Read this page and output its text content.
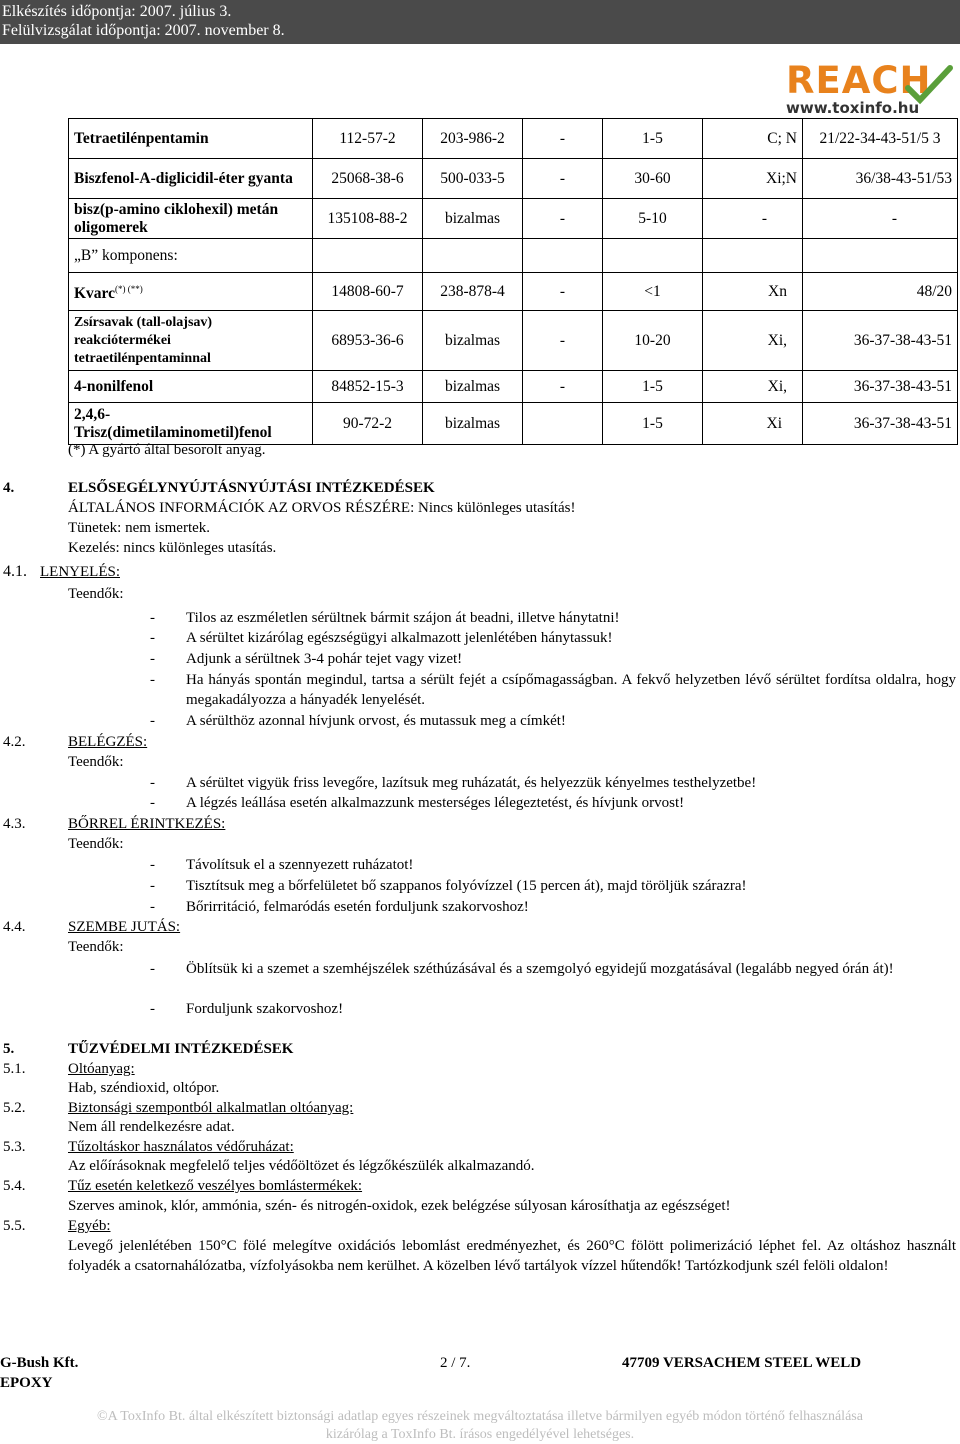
Elkészítés időpontja: 2007. július 3.
Felülvizsgálat időpontja: 2007. november 8.
REACH
www.toxinfo.hu
Tetraetilénpentamin	112-57-2	203-986-2	-	1-5	C; N	21/22-34-43-51/5 3
Biszfenol-A-diglicidil-éter gyanta	25068-38-6	500-033-5	-	30-60	Xi;N	36/38-43-51/53
bisz(p-amino ciklohexil) metán oligomerek	135108-88-2	bizalmas	-	5-10	-	-
„B” komponens:						
Kvarc(*) (**)	14808-60-7	238-878-4	-	<1	Xn	48/20
Zsírsavak (tall-olajsav) reakciótermékei tetraetilénpentaminnal	68953-36-6	bizalmas	-	10-20	Xi,	36-37-38-43-51
4-nonilfenol	84852-15-3	bizalmas	-	1-5	Xi,	36-37-38-43-51
2,4,6-Trisz(dimetilaminometil)fenol	90-72-2	bizalmas		1-5	Xi	36-37-38-43-51
(*) A gyártó által besorolt anyag.
4.	ELSŐSEGÉLYNYÚJTÁSNYÚJTÁSI INTÉZKEDÉSEK
ÁLTALÁNOS INFORMÁCIÓK AZ ORVOS RÉSZÉRE: Nincs különleges utasítás!
Tünetek: nem ismertek.
Kezelés: nincs különleges utasítás.
4.1. LENYELÉS:
Teendők:
- Tilos az eszméletlen sérültnek bármit szájon át beadni, illetve hánytatni!
- A sérültet kizárólag egészségügyi alkalmazott jelenlétében hánytassuk!
- Adjunk a sérültnek 3-4 pohár tejet vagy vizet!
- Ha hányás spontán megindul, tartsa a sérült fejét a csípőmagasságban. A fekvő helyzetben lévő sérültet fordítsa oldalra, hogy megakadályozza a hányadék lenyelését.
- A sérülthöz azonnal hívjunk orvost, és mutassuk meg a címkét!
4.2.	BELÉGZÉS:
Teendők:
- A sérültet vigyük friss levegőre, lazítsuk meg ruházatát, és helyezzük kényelmes testhelyzetbe!
- A légzés leállása esetén alkalmazzunk mesterséges lélegeztetést, és hívjunk orvost!
4.3.	BŐRREL ÉRINTKEZÉS:
Teendők:
- Távolítsuk el a szennyezett ruházatot!
- Tisztítsuk meg a bőrfelületet bő szappanos folyóvízzel (15 percen át), majd töröljük szárazra!
- Bőrirritáció, felmaródás esetén forduljunk szakorvoshoz!
4.4.	SZEMBE JUTÁS:
Teendők:
- Öblítsük ki a szemet a szemhéjszélek széthúzásával és a szemgolyó egyidejű mozgatásával (legalább negyed órán át)!
- Forduljunk szakorvoshoz!
5.	TŰZVÉDELMI INTÉZKEDÉSEK
5.1.	Oltóanyag:
Hab, széndioxid, oltópor.
5.2.	Biztonsági szempontból alkalmatlan oltóanyag:
Nem áll rendelkezésre adat.
5.3.	Tűzoltáskor használatos védőruházat:
Az előírásoknak megfelelő teljes védőöltözet és légzőkészülék alkalmazandó.
5.4.	Tűz esetén keletkező veszélyes bomlástermékek:
Szerves aminok, klór, ammónia, szén- és nitrogén-oxidok, ezek belégzése súlyosan károsíthatja az egészséget!
5.5.	Egyéb:
Levegő jelenlétében 150°C fölé melegítve oxidációs lebomlást eredményezhet, és 260°C fölött polimerizáció léphet fel. Az oltáshoz használt folyadék a csatornahálózatba, vízfolyásokba nem kerülhet. A közelben lévő tartályok vízzel hűtendők! Tartózkodjunk szél felöli oldalon!
G-Bush Kft.
EPOXY
2 / 7.	47709 VERSACHEM STEEL WELD
©A ToxInfo Bt. által elkészített biztonsági adatlap egyes részeinek megváltoztatása illetve bármilyen egyéb módon történő felhasználása
kizárólag a ToxInfo Bt. írásos engedélyével lehetséges.
